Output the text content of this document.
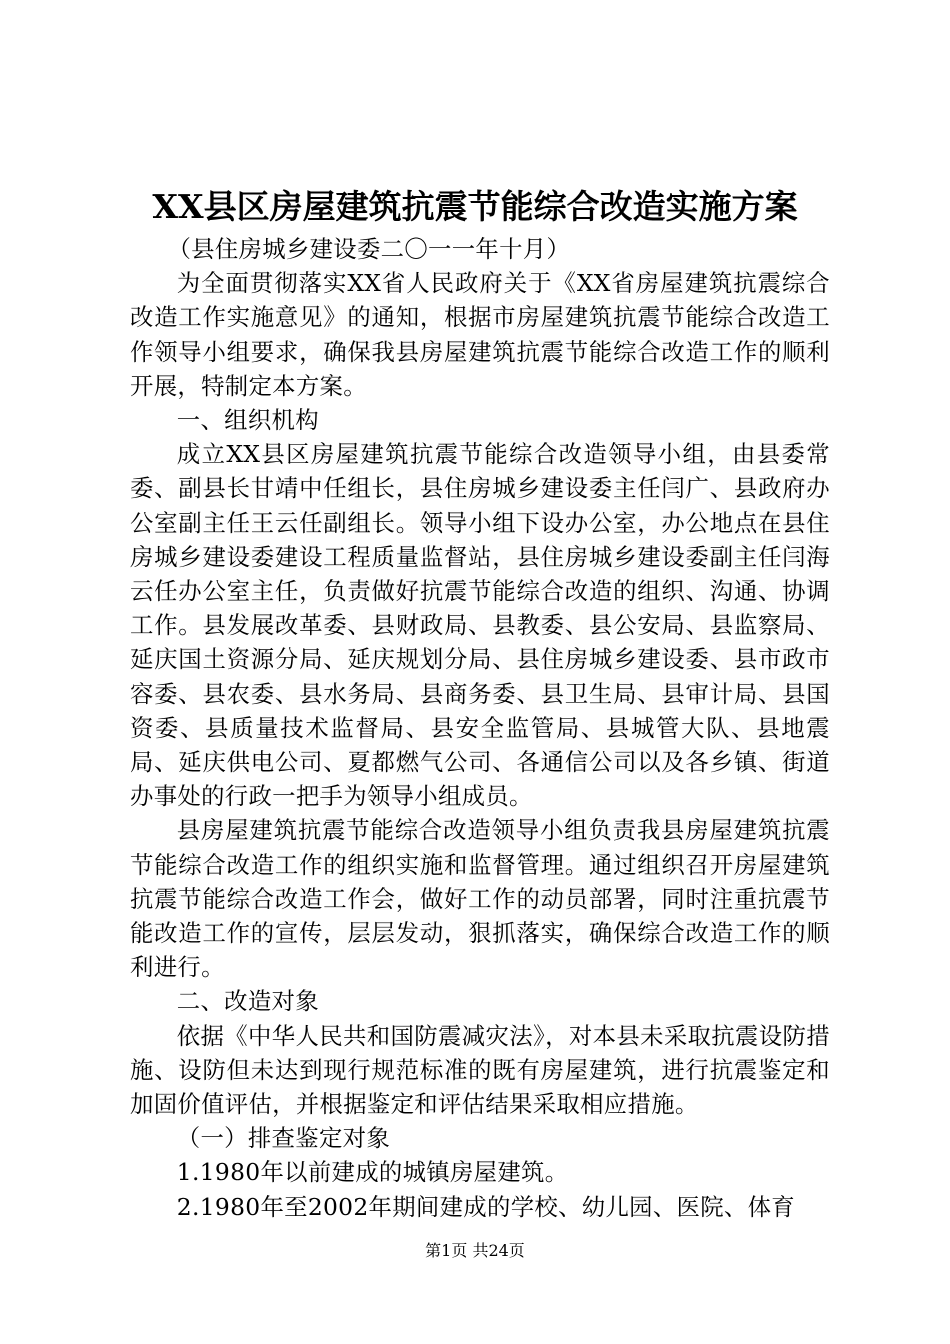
XX县区房屋建筑抗震节能综合改造实施方案

（县住房城乡建设委二〇一一年十月）

为全面贯彻落实XX省人民政府关于《XX省房屋建筑抗震综合改造工作实施意见》的通知，根据市房屋建筑抗震节能综合改造工作领导小组要求，确保我县房屋建筑抗震节能综合改造工作的顺利开展，特制定本方案。

一、组织机构

成立XX县区房屋建筑抗震节能综合改造领导小组，由县委常委、副县长甘靖中任组长，县住房城乡建设委主任闫广、县政府办公室副主任王云任副组长。领导小组下设办公室，办公地点在县住房城乡建设委建设工程质量监督站，县住房城乡建设委副主任闫海云任办公室主任，负责做好抗震节能综合改造的组织、沟通、协调工作。县发展改革委、县财政局、县教委、县公安局、县监察局、延庆国土资源分局、延庆规划分局、县住房城乡建设委、县市政市容委、县农委、县水务局、县商务委、县卫生局、县审计局、县国资委、县质量技术监督局、县安全监管局、县城管大队、县地震局、延庆供电公司、夏都燃气公司、各通信公司以及各乡镇、街道办事处的行政一把手为领导小组成员。

县房屋建筑抗震节能综合改造领导小组负责我县房屋建筑抗震节能综合改造工作的组织实施和监督管理。通过组织召开房屋建筑抗震节能综合改造工作会，做好工作的动员部署，同时注重抗震节能改造工作的宣传，层层发动，狠抓落实，确保综合改造工作的顺利进行。

二、改造对象

依据《中华人民共和国防震减灾法》，对本县未采取抗震设防措施、设防但未达到现行规范标准的既有房屋建筑，进行抗震鉴定和加固价值评估，并根据鉴定和评估结果采取相应措施。

（一）排查鉴定对象

1.1980年以前建成的城镇房屋建筑。

2.1980年至2002年期间建成的学校、幼儿园、医院、体育

第1页 共24页
